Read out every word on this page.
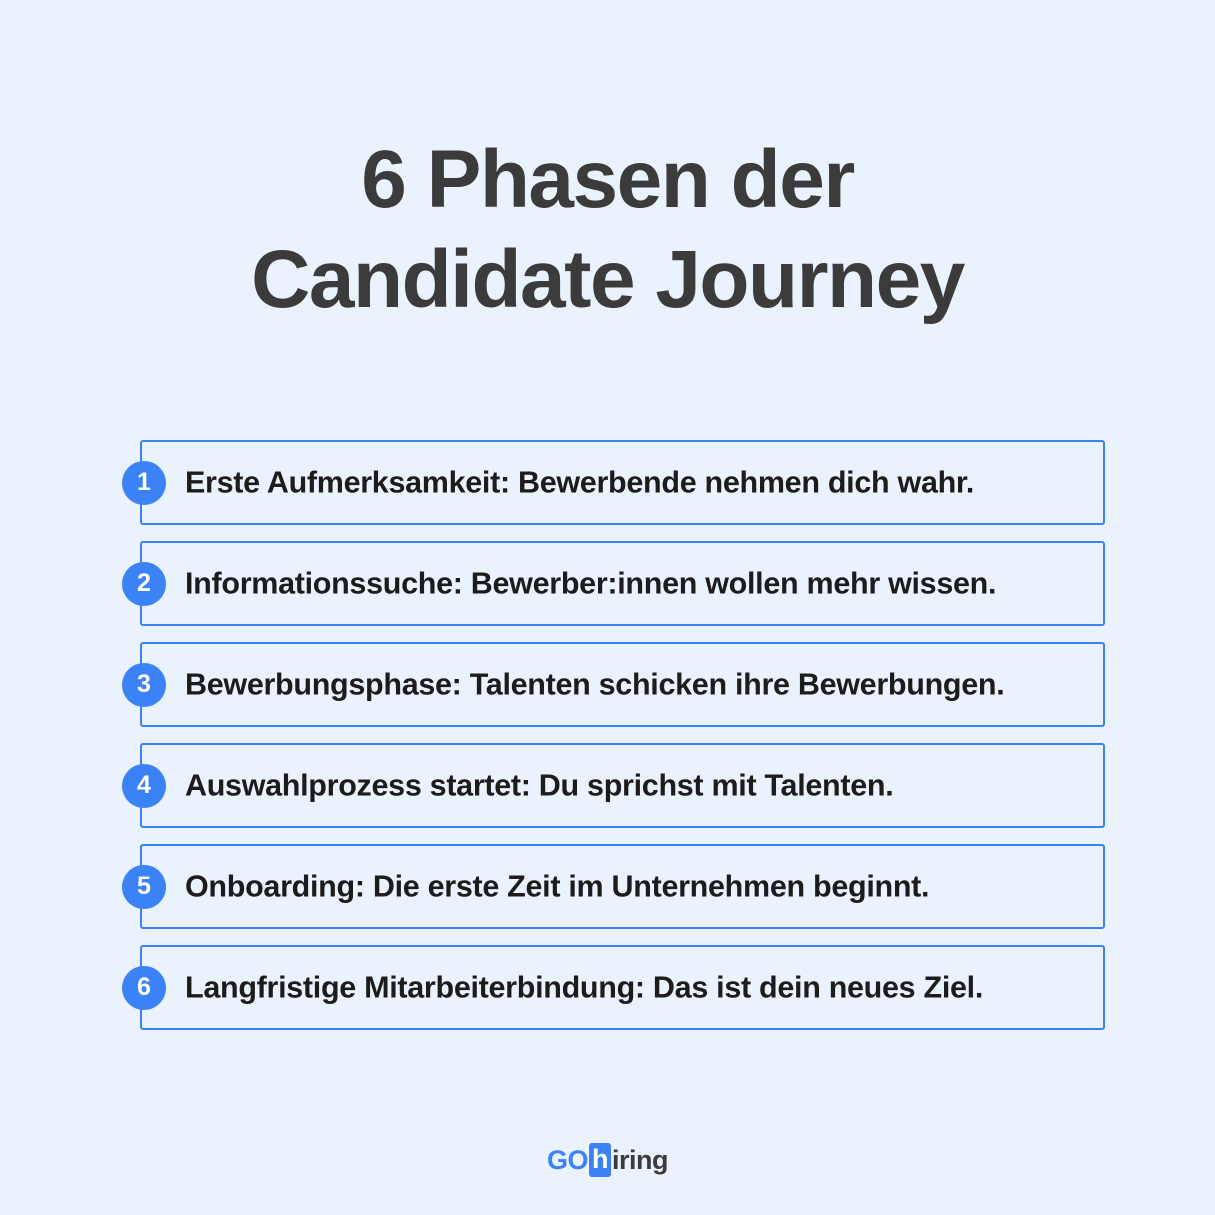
6 Phasen der
Candidate Journey
1	Erste Aufmerksamkeit: Bewerbende nehmen dich wahr.
2	Informationssuche: Bewerber:innen wollen mehr wissen.
3	Bewerbungsphase: Talenten schicken ihre Bewerbungen.
4	Auswahlprozess startet: Du sprichst mit Talenten.
5	Onboarding: Die erste Zeit im Unternehmen beginnt.
6	Langfristige Mitarbeiterbindung: Das ist dein neues Ziel.
GO h iring
